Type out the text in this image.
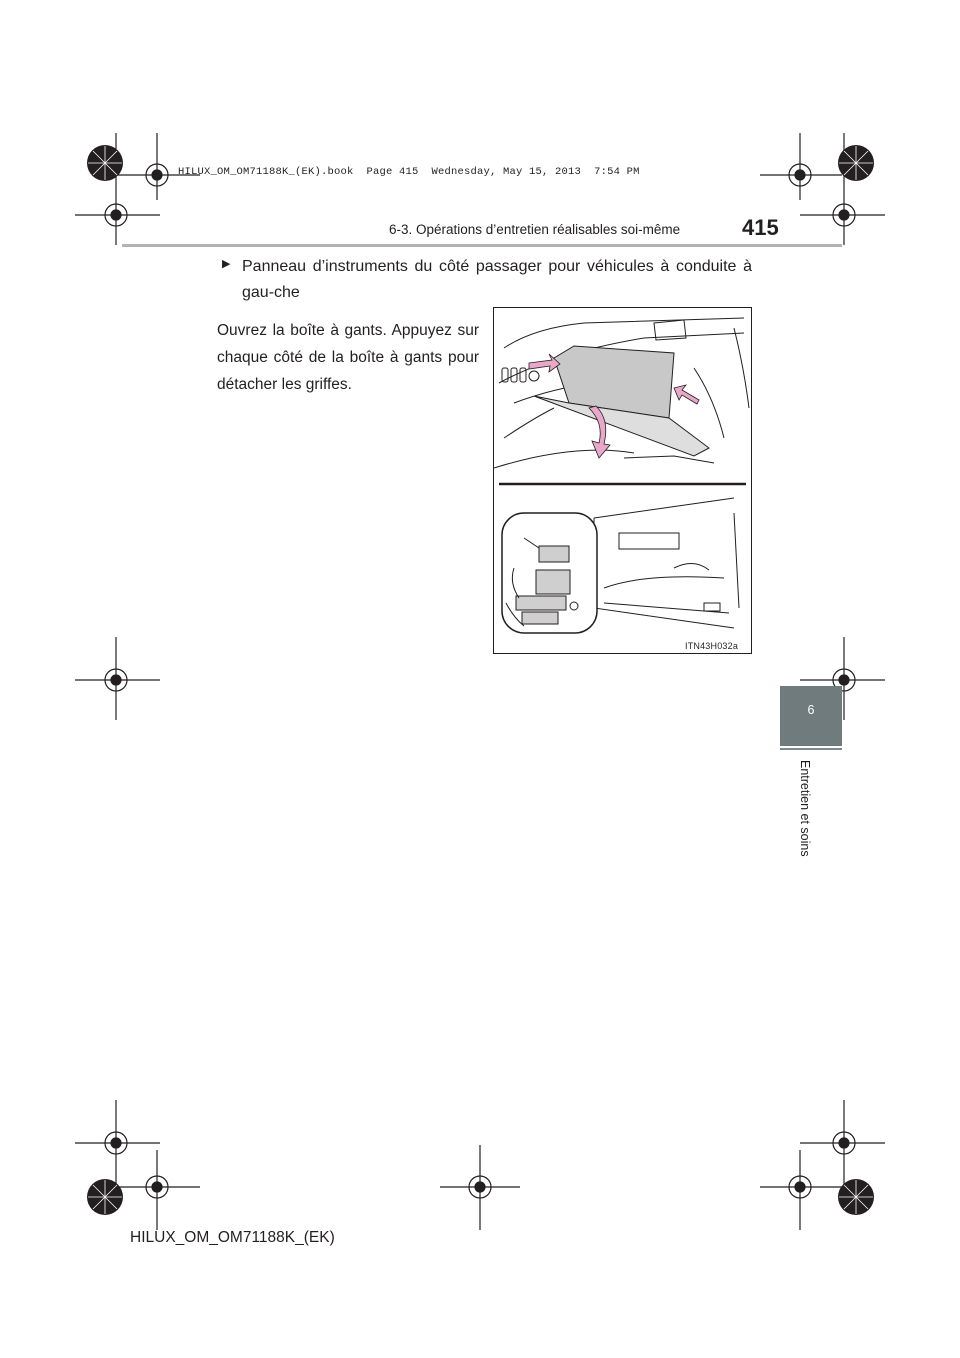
HILUX_OM_OM71188K_(EK).book  Page 415  Wednesday, May 15, 2013  7:54 PM
6-3. Opérations d’entretien réalisables soi-même	415
6
Entretien et soins
▶ Panneau d’instruments du côté passager pour véhicules à conduite à gau-che
Ouvrez la boîte à gants. Appuyez sur chaque côté de la boîte à gants pour détacher les griffes.
ITN43H032a
HILUX_OM_OM71188K_(EK)
